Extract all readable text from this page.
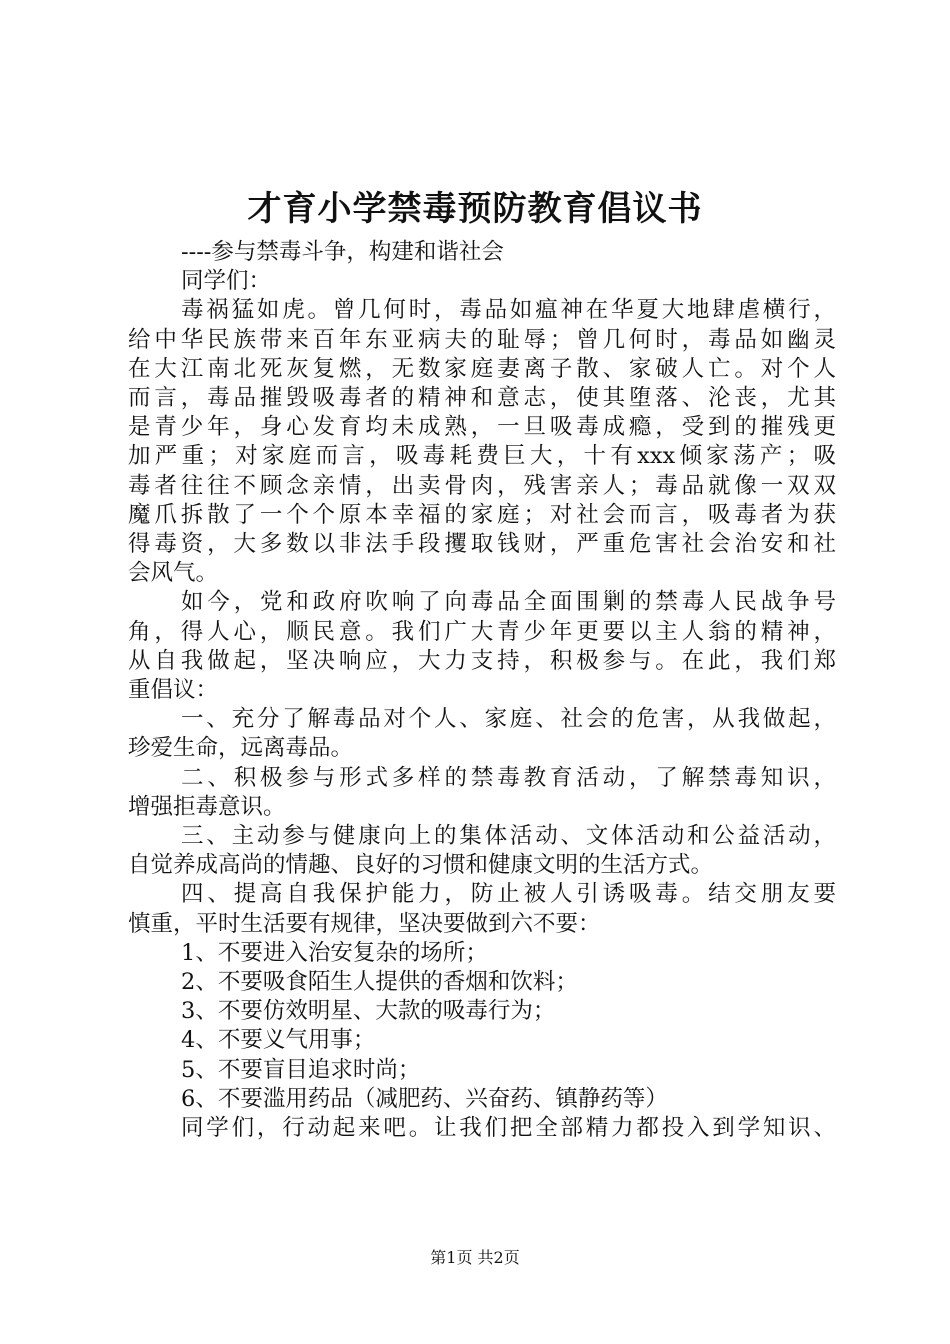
才育小学禁毒预防教育倡议书
----参与禁毒斗争，构建和谐社会
同学们：
毒祸猛如虎。曾几何时，毒品如瘟神在华夏大地肆虐横行，
给中华民族带来百年东亚病夫的耻辱；曾几何时，毒品如幽灵
在大江南北死灰复燃，无数家庭妻离子散、家破人亡。对个人
而言，毒品摧毁吸毒者的精神和意志，使其堕落、沦丧，尤其
是青少年，身心发育均未成熟，一旦吸毒成瘾，受到的摧残更
加严重；对家庭而言，吸毒耗费巨大，十有xxx倾家荡产；吸
毒者往往不顾念亲情，出卖骨肉，残害亲人；毒品就像一双双
魔爪拆散了一个个原本幸福的家庭；对社会而言，吸毒者为获
得毒资，大多数以非法手段攫取钱财，严重危害社会治安和社
会风气。
如今，党和政府吹响了向毒品全面围剿的禁毒人民战争号
角，得人心，顺民意。我们广大青少年更要以主人翁的精神，
从自我做起，坚决响应，大力支持，积极参与。在此，我们郑
重倡议：
一、充分了解毒品对个人、家庭、社会的危害，从我做起，
珍爱生命，远离毒品。
二、积极参与形式多样的禁毒教育活动，了解禁毒知识，
增强拒毒意识。
三、主动参与健康向上的集体活动、文体活动和公益活动，
自觉养成高尚的情趣、良好的习惯和健康文明的生活方式。
四、提高自我保护能力，防止被人引诱吸毒。结交朋友要
慎重，平时生活要有规律，坚决要做到六不要：
1、不要进入治安复杂的场所；
2、不要吸食陌生人提供的香烟和饮料；
3、不要仿效明星、大款的吸毒行为；
4、不要义气用事；
5、不要盲目追求时尚；
6、不要滥用药品（减肥药、兴奋药、镇静药等）
同学们，行动起来吧。让我们把全部精力都投入到学知识、
第1页 共2页
